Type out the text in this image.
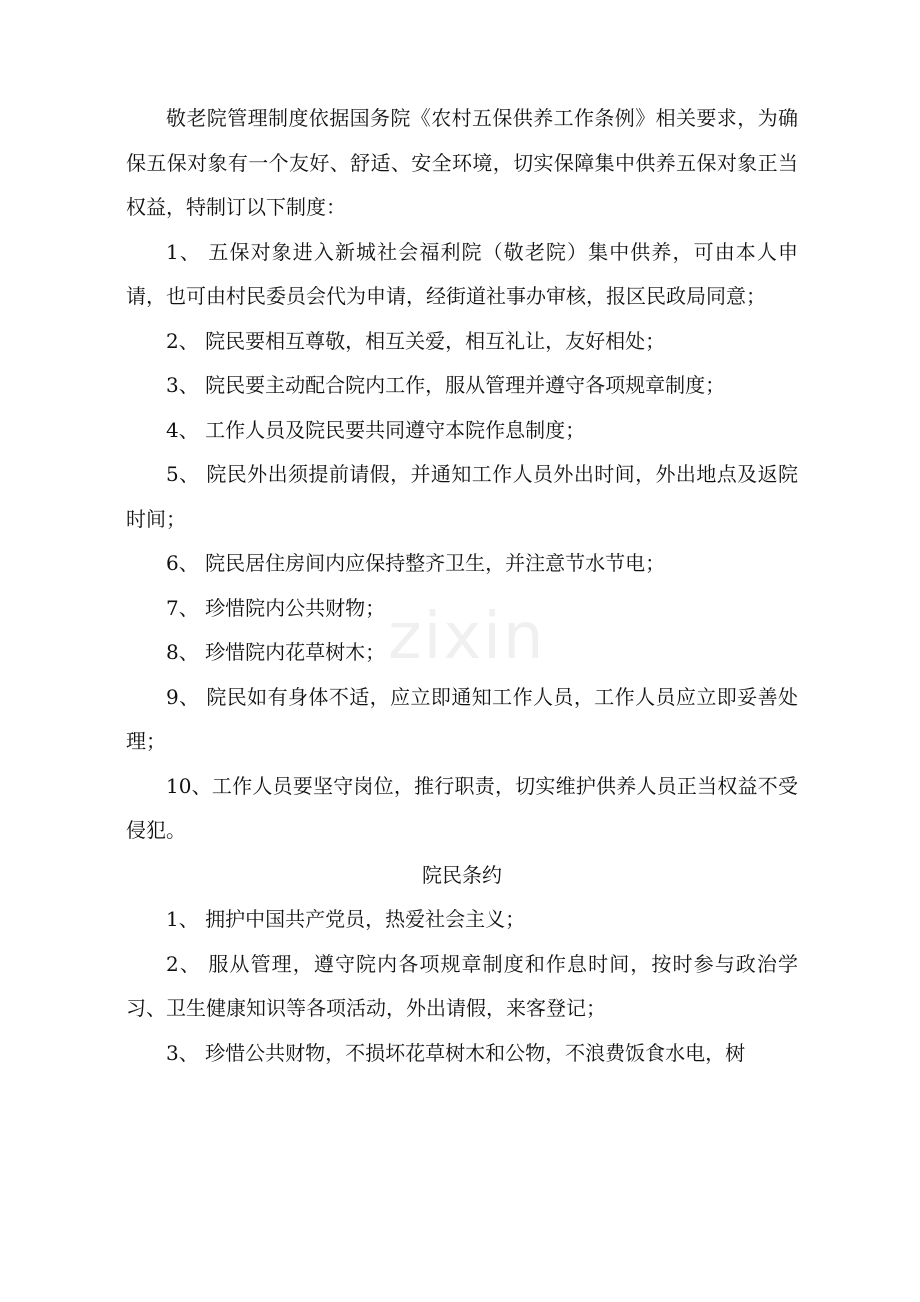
zixin

敬老院管理制度依据国务院《农村五保供养工作条例》相关要求，为确保五保对象有一个友好、舒适、安全环境，切实保障集中供养五保对象正当权益，特制订以下制度：

1、 五保对象进入新城社会福利院（敬老院）集中供养，可由本人申请，也可由村民委员会代为申请，经街道社事办审核，报区民政局同意；

2、 院民要相互尊敬，相互关爱，相互礼让，友好相处；

3、 院民要主动配合院内工作，服从管理并遵守各项规章制度；

4、 工作人员及院民要共同遵守本院作息制度；

5、 院民外出须提前请假，并通知工作人员外出时间，外出地点及返院时间；

6、 院民居住房间内应保持整齐卫生，并注意节水节电；

7、 珍惜院内公共财物；

8、 珍惜院内花草树木；

9、 院民如有身体不适，应立即通知工作人员，工作人员应立即妥善处理；

10、工作人员要坚守岗位，推行职责，切实维护供养人员正当权益不受侵犯。

院民条约

1、 拥护中国共产党员，热爱社会主义；

2、 服从管理，遵守院内各项规章制度和作息时间，按时参与政治学习、卫生健康知识等各项活动，外出请假，来客登记；

3、 珍惜公共财物，不损坏花草树木和公物，不浪费饭食水电，树
